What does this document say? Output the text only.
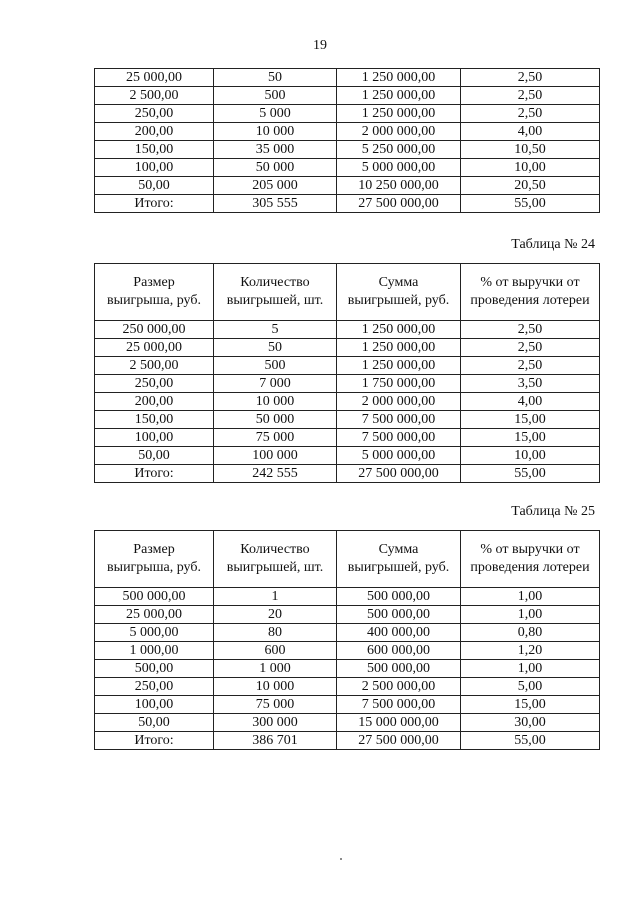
19
25 000,00	50	1 250 000,00	2,50
2 500,00	500	1 250 000,00	2,50
250,00	5 000	1 250 000,00	2,50
200,00	10 000	2 000 000,00	4,00
150,00	35 000	5 250 000,00	10,50
100,00	50 000	5 000 000,00	10,00
50,00	205 000	10 250 000,00	20,50
Итого:	305 555	27 500 000,00	55,00
Таблица № 24
Размер выигрыша, руб.	Количество выигрышей, шт.	Сумма выигрышей, руб.	% от выручки от проведения лотереи
250 000,00	5	1 250 000,00	2,50
25 000,00	50	1 250 000,00	2,50
2 500,00	500	1 250 000,00	2,50
250,00	7 000	1 750 000,00	3,50
200,00	10 000	2 000 000,00	4,00
150,00	50 000	7 500 000,00	15,00
100,00	75 000	7 500 000,00	15,00
50,00	100 000	5 000 000,00	10,00
Итого:	242 555	27 500 000,00	55,00
Таблица № 25
Размер выигрыша, руб.	Количество выигрышей, шт.	Сумма выигрышей, руб.	% от выручки от проведения лотереи
500 000,00	1	500 000,00	1,00
25 000,00	20	500 000,00	1,00
5 000,00	80	400 000,00	0,80
1 000,00	600	600 000,00	1,20
500,00	1 000	500 000,00	1,00
250,00	10 000	2 500 000,00	5,00
100,00	75 000	7 500 000,00	15,00
50,00	300 000	15 000 000,00	30,00
Итого:	386 701	27 500 000,00	55,00
